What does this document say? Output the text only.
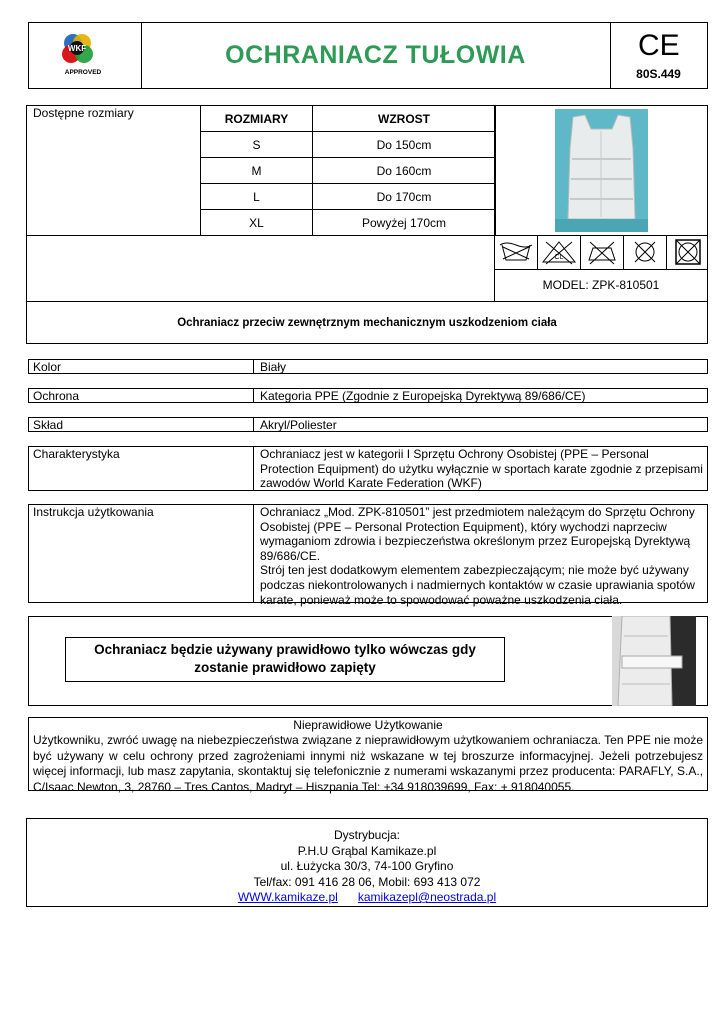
WKF
APPROVED
OCHRANIACZ TUŁOWIA	CE
80S.449
Dostępne rozmiary	ROZMIARY	WZROST
S	Do 150cm
M	Do 160cm
L	Do 170cm
XL	Powyżej 170cm
CL
MODEL: ZPK-810501
Ochraniacz przeciw zewnętrznym mechanicznym uszkodzeniom ciała
Kolor	Biały
Ochrona	Kategoria PPE (Zgodnie z Europejską Dyrektywą 89/686/CE)
Skład	Akryl/Poliester
Charakterystyka	Ochraniacz jest w kategorii I Sprzętu Ochrony Osobistej (PPE – Personal Protection Equipment) do użytku wyłącznie w sportach karate zgodnie z przepisami zawodów World Karate Federation (WKF)
Instrukcja użytkowania	Ochraniacz „Mod. ZPK-810501” jest przedmiotem należącym do Sprzętu Ochrony Osobistej (PPE – Personal Protection Equipment), który wychodzi naprzeciw wymaganiom zdrowia i bezpieczeństwa określonym przez Europejską Dyrektywą 89/686/CE.
Strój ten jest dodatkowym elementem zabezpieczającym; nie może być używany podczas niekontrolowanych i nadmiernych kontaktów w czasie uprawiania spotów karate, ponieważ może to spowodować poważne uszkodzenia ciała.
Ochraniacz będzie używany prawidłowo tylko wówczas gdy zostanie prawidłowo zapięty
Nieprawidłowe Użytkowanie
Użytkowniku, zwróć uwagę na niebezpieczeństwa związane z nieprawidłowym użytkowaniem ochraniacza. Ten PPE nie może być używany w celu ochrony przed zagrożeniami innymi niż wskazane w tej broszurze informacyjnej. Jeżeli potrzebujesz więcej informacji, lub masz zapytania, skontaktuj się telefonicznie z numerami wskazanymi przez producenta: PARAFLY, S.A., C/Isaac Newton, 3, 28760 – Tres Cantos, Madryt – Hiszpania Tel: +34 918039699, Fax: + 918040055.
Dystrybucja:
P.H.U Grąbal Kamikaze.pl
ul. Łużycka 30/3, 74-100 Gryfino
Tel/fax: 091 416 28 06, Mobil: 693 413 072
WWW.kamikaze.pl kamikazepl@neostrada.pl
